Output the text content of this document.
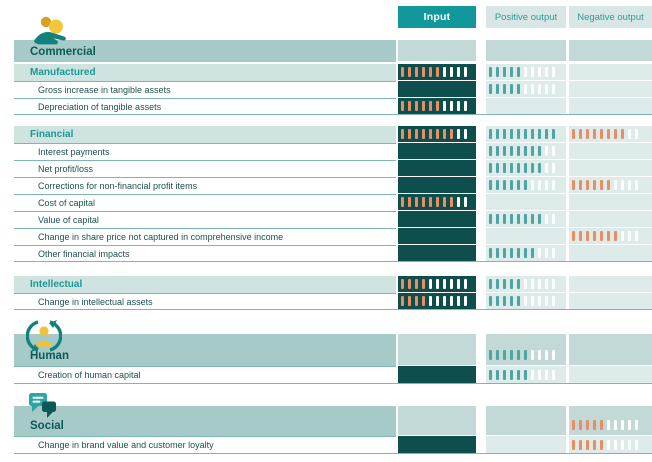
Input	Positive output	Negative output
Commercial
Manufactured
Gross increase in tangible assets
Depreciation of tangible assets
Financial
Interest payments
Net profit/loss
Corrections for non-financial profit items
Cost of capital
Value of capital
Change in share price not captured in comprehensive income
Other financial impacts
Intellectual
Change in intellectual assets
Human
Creation of human capital
Social
Change in brand value and customer loyalty
